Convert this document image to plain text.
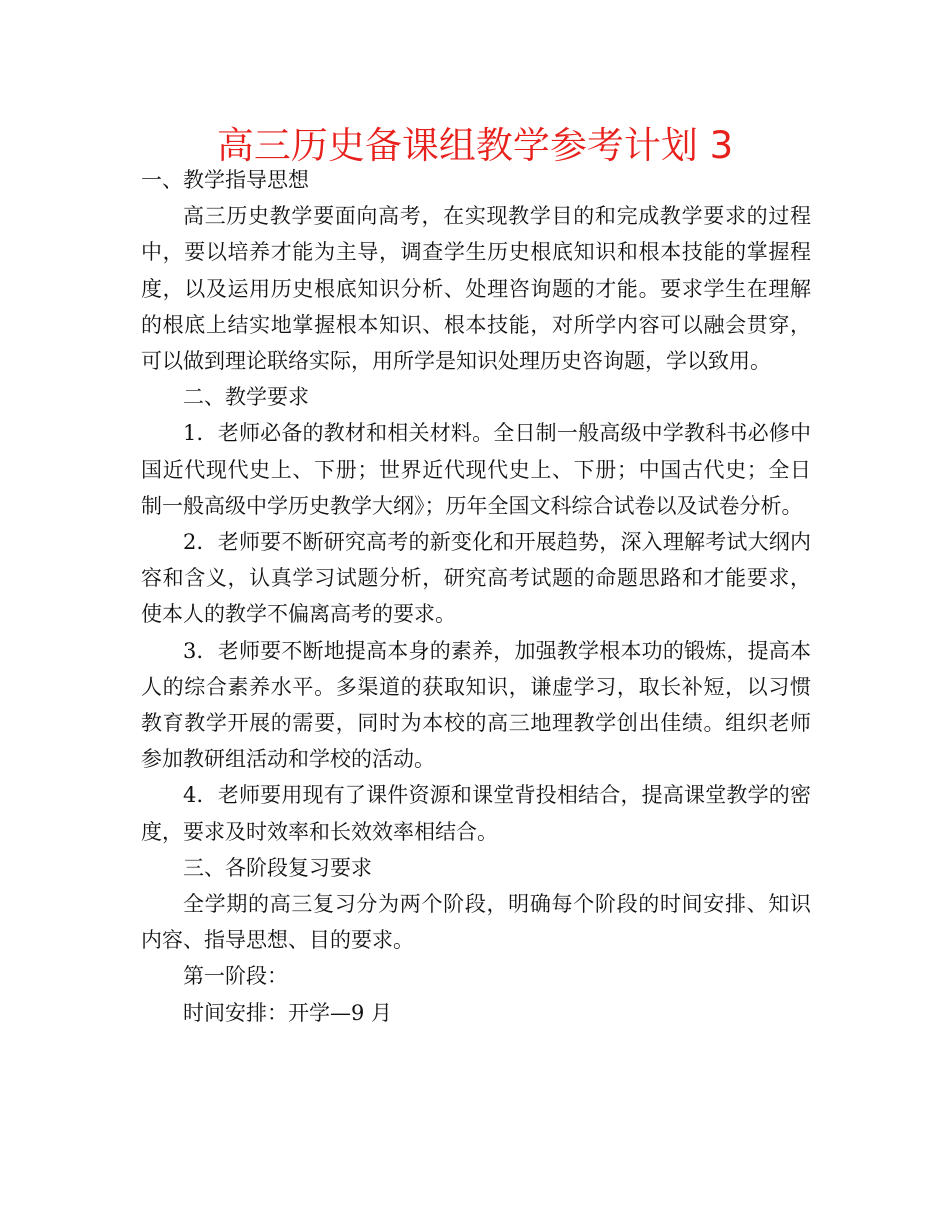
高三历史备课组教学参考计划 3

一、教学指导思想

高三历史教学要面向高考，在实现教学目的和完成教学要求的过程中，要以培养才能为主导，调查学生历史根底知识和根本技能的掌握程度，以及运用历史根底知识分析、处理咨询题的才能。要求学生在理解的根底上结实地掌握根本知识、根本技能，对所学内容可以融会贯穿，可以做到理论联络实际，用所学是知识处理历史咨询题，学以致用。

二、教学要求

1．老师必备的教材和相关材料。全日制一般高级中学教科书必修中国近代现代史上、下册；世界近代现代史上、下册；中国古代史；全日制一般高级中学历史教学大纲》；历年全国文科综合试卷以及试卷分析。

2．老师要不断研究高考的新变化和开展趋势，深入理解考试大纲内容和含义，认真学习试题分析，研究高考试题的命题思路和才能要求，使本人的教学不偏离高考的要求。

3．老师要不断地提高本身的素养，加强教学根本功的锻炼，提高本人的综合素养水平。多渠道的获取知识，谦虚学习，取长补短，以习惯教育教学开展的需要，同时为本校的高三地理教学创出佳绩。组织老师参加教研组活动和学校的活动。

4．老师要用现有了课件资源和课堂背投相结合，提高课堂教学的密度，要求及时效率和长效效率相结合。

三、各阶段复习要求

全学期的高三复习分为两个阶段，明确每个阶段的时间安排、知识内容、指导思想、目的要求。

第一阶段：

时间安排：开学—9 月
